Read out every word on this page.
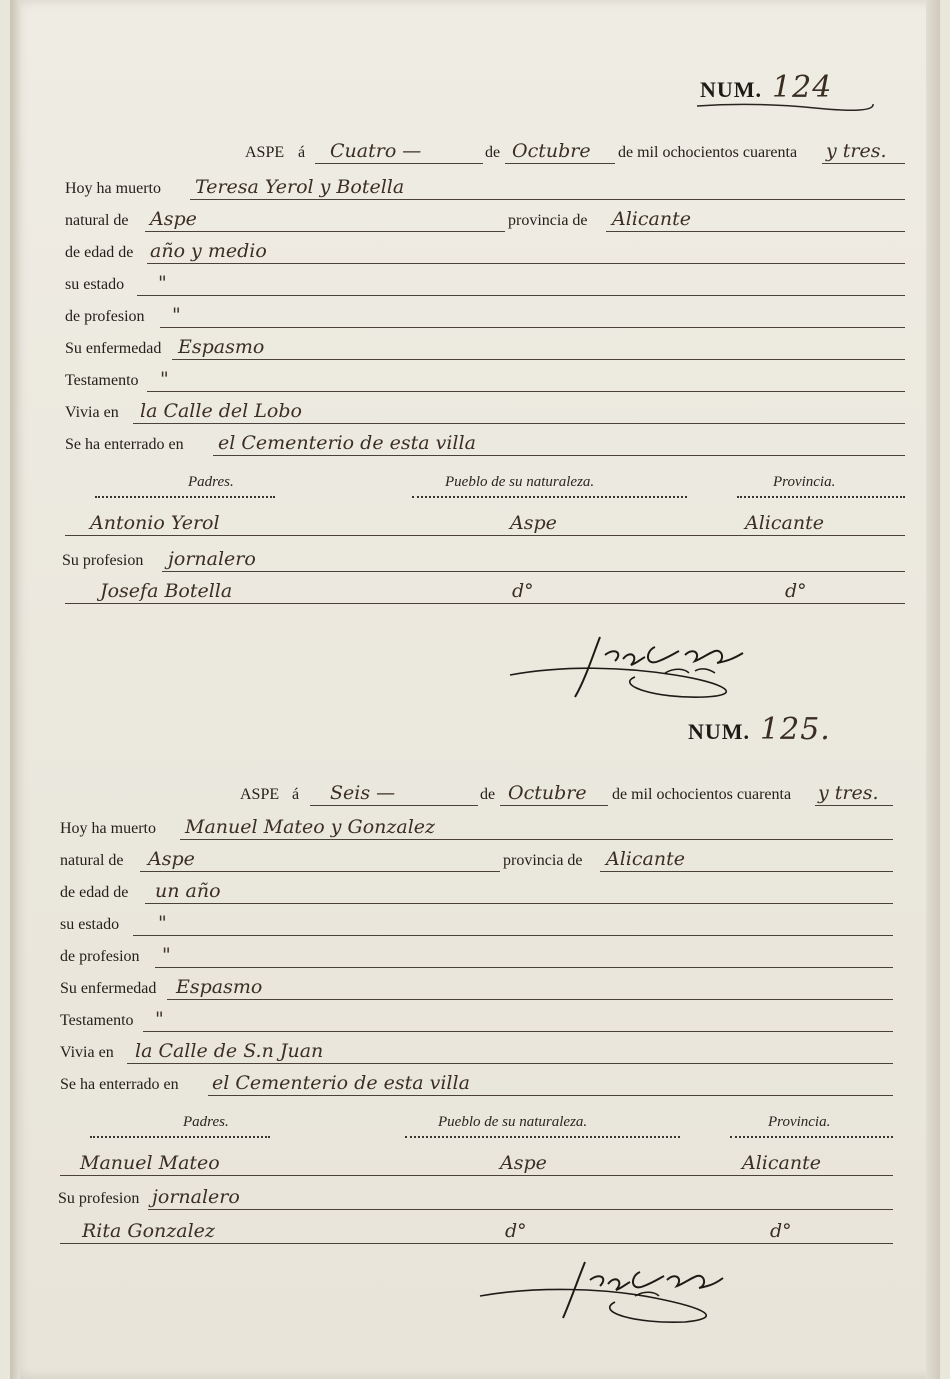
NUM. 124
ASPE á Cuatro —	de Octubre de mil ochocientos cuarenta y tres.
Hoy ha muerto Teresa Yerol y Botella
natural de Aspe	provincia de Alicante
de edad de año y medio
su estado "
de profesion "
Su enfermedad Espasmo
Testamento "
Vivia en la Calle del Lobo
Se ha enterrado en el Cementerio de esta villa
Padres.	Pueblo de su naturaleza.	Provincia.
Antonio Yerol	Aspe	Alicante
Su profesion jornalero
Josefa Botella	d°	d°
NUM. 125.
ASPE á Seis —	de Octubre de mil ochocientos cuarenta y tres.
Hoy ha muerto Manuel Mateo y Gonzalez
natural de Aspe	provincia de Alicante
de edad de un año
su estado "
de profesion "
Su enfermedad Espasmo
Testamento "
Vivia en la Calle de S.n Juan
Se ha enterrado en el Cementerio de esta villa
Padres.	Pueblo de su naturaleza.	Provincia.
Manuel Mateo	Aspe	Alicante
Su profesion jornalero
Rita Gonzalez	d°	d°
